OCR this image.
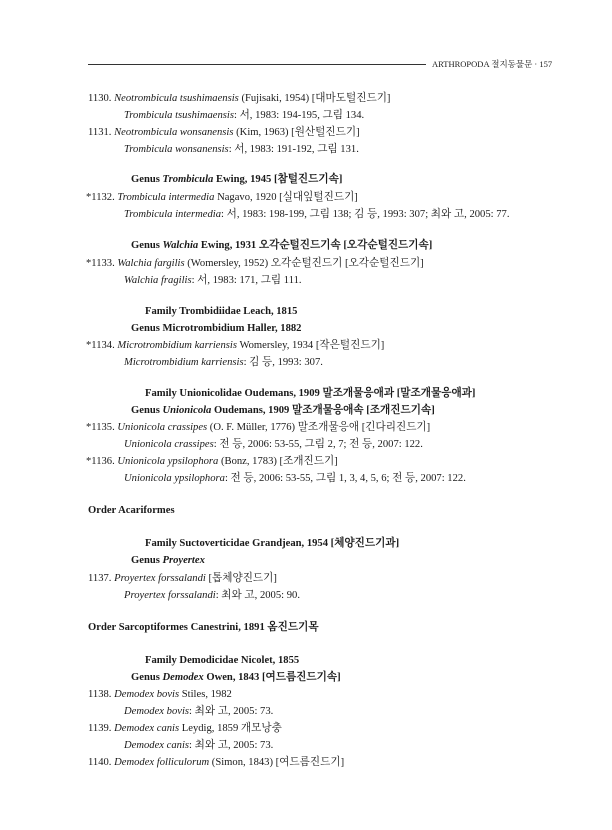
ARTHROPODA 절지동물문 · 157
1130. Neotrombicula tsushimaensis (Fujisaki, 1954) [대마도털진드기]
Trombicula tsushimaensis: 서, 1983: 194-195, 그림 134.
1131. Neotrombicula wonsanensis (Kim, 1963) [원산털진드기]
Trombicula wonsanensis: 서, 1983: 191-192, 그림 131.
Genus Trombicula Ewing, 1945 [참털진드기속]
*1132. Trombicula intermedia Nagavo, 1920 [실대잎털진드기]
Trombicula intermedia: 서, 1983: 198-199, 그림 138; 김 등, 1993: 307; 최와 고, 2005: 77.
Genus Walchia Ewing, 1931 오각순털진드기속 [오각순털진드기속]
*1133. Walchia fargilis (Womersley, 1952) 오각순털진드기 [오각순털진드기]
Walchia fragilis: 서, 1983: 171, 그림 111.
Family Trombidiidae Leach, 1815
Genus Microtrombidium Haller, 1882
*1134. Microtrombidium karriensis Womersley, 1934 [작은털진드기]
Microtrombidium karriensis: 김 등, 1993: 307.
Family Unionicolidae Oudemans, 1909 말조개물응애과 [말조개물응애과]
Genus Unionicola Oudemans, 1909 말조개물응애속 [조개진드기속]
*1135. Unionicola crassipes (O. F. Müller, 1776) 말조개물응애 [긴다리진드기]
Unionicola crassipes: 전 등, 2006: 53-55, 그림 2, 7; 전 등, 2007: 122.
*1136. Unionicola ypsilophora (Bonz, 1783) [조개진드기]
Unionicola ypsilophora: 전 등, 2006: 53-55, 그림 1, 3, 4, 5, 6; 전 등, 2007: 122.
Order Acariformes
Family Suctoverticidae Grandjean, 1954 [체양진드기과]
Genus Proyertex
1137. Proyertex forssalandi [톱체양진드기]
Proyertex forssalandi: 최와 고, 2005: 90.
Order Sarcoptiformes Canestrini, 1891 옴진드기목
Family Demodicidae Nicolet, 1855
Genus Demodex Owen, 1843 [여드름진드기속]
1138. Demodex bovis Stiles, 1982
Demodex bovis: 최와 고, 2005: 73.
1139. Demodex canis Leydig, 1859 개모낭충
Demodex canis: 최와 고, 2005: 73.
1140. Demodex folliculorum (Simon, 1843) [여드름진드기]
